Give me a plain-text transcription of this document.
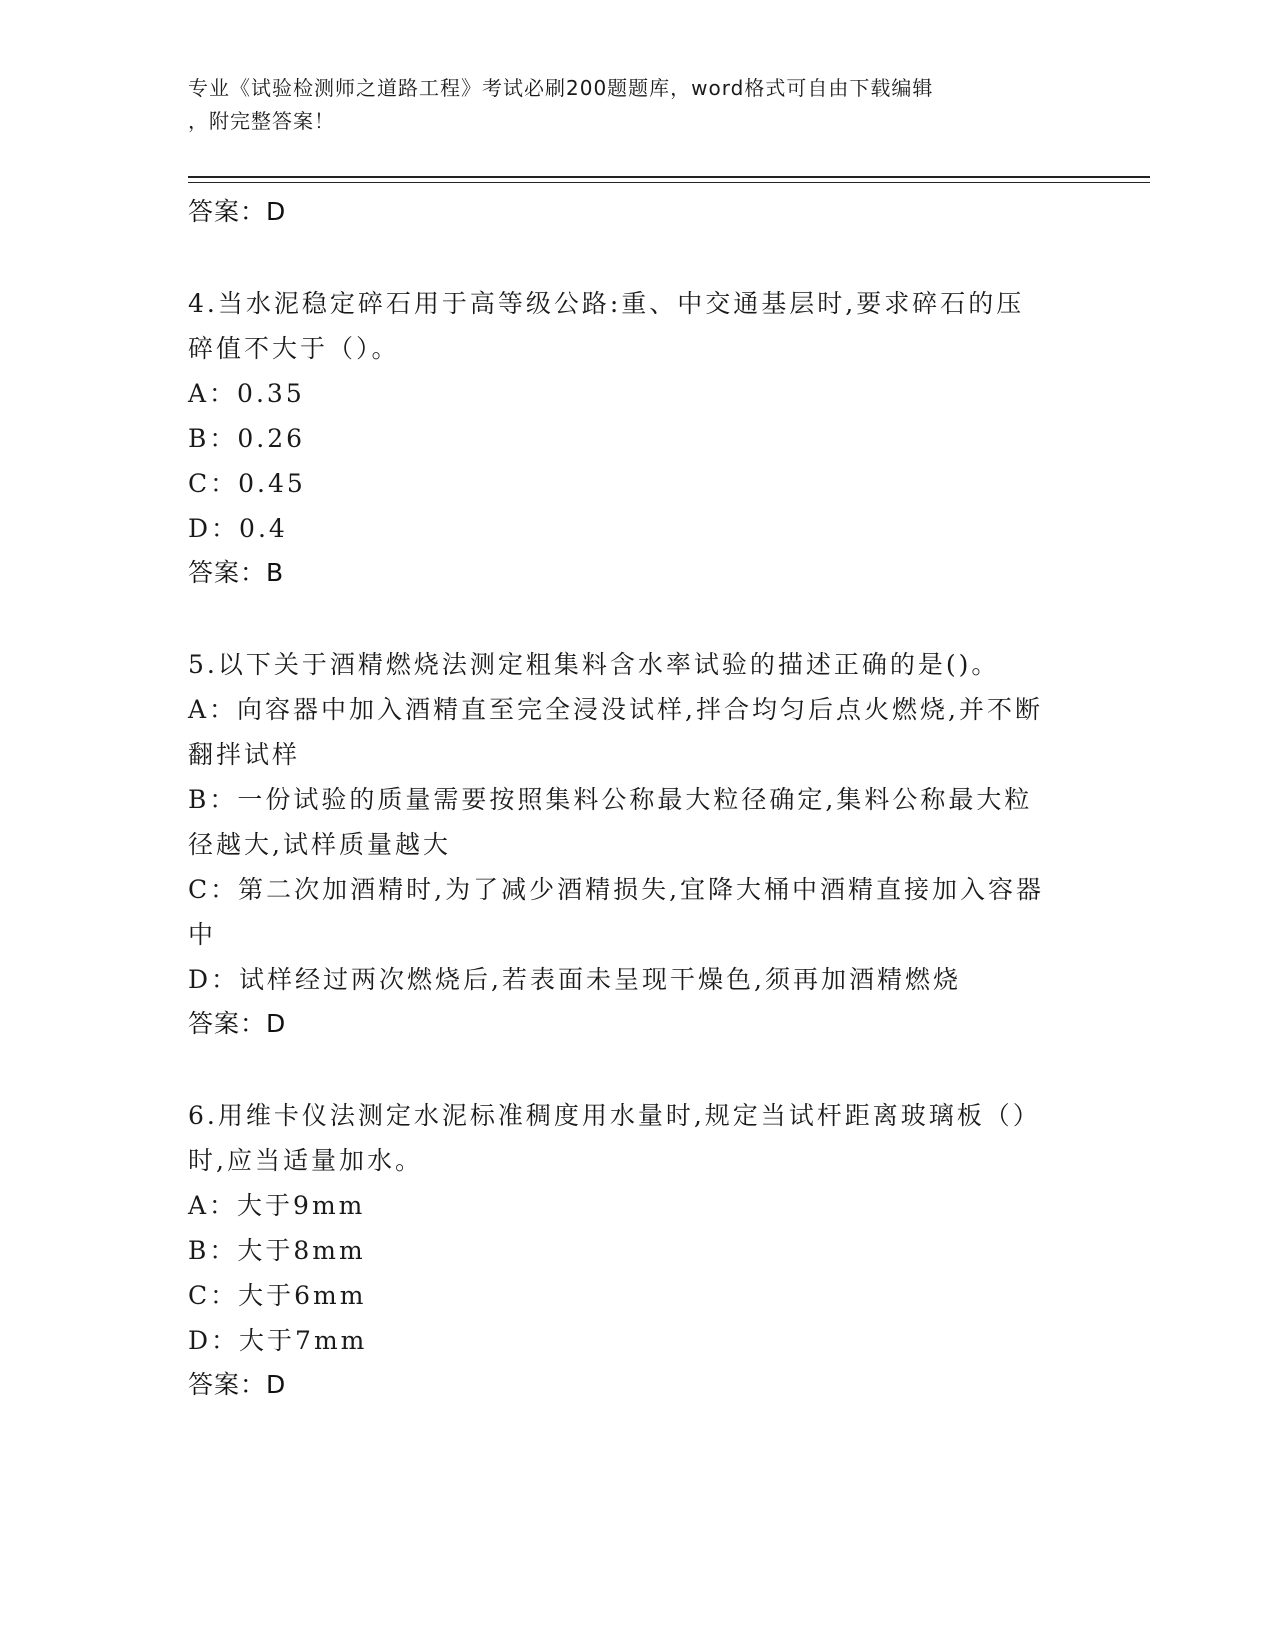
专业《试验检测师之道路工程》考试必刷200题题库，word格式可自由下载编辑
，附完整答案！
答案：D
4.当水泥稳定碎石用于高等级公路:重、中交通基层时,要求碎石的压
碎值不大于（）。
A：0.35
B：0.26
C：0.45
D：0.4
答案：B
5.以下关于酒精燃烧法测定粗集料含水率试验的描述正确的是()。
A：向容器中加入酒精直至完全浸没试样,拌合均匀后点火燃烧,并不断
翻拌试样
B：一份试验的质量需要按照集料公称最大粒径确定,集料公称最大粒
径越大,试样质量越大
C：第二次加酒精时,为了减少酒精损失,宜降大桶中酒精直接加入容器
中
D：试样经过两次燃烧后,若表面未呈现干燥色,须再加酒精燃烧
答案：D
6.用维卡仪法测定水泥标准稠度用水量时,规定当试杆距离玻璃板（）
时,应当适量加水。
A：大于9mm
B：大于8mm
C：大于6mm
D：大于7mm
答案：D
